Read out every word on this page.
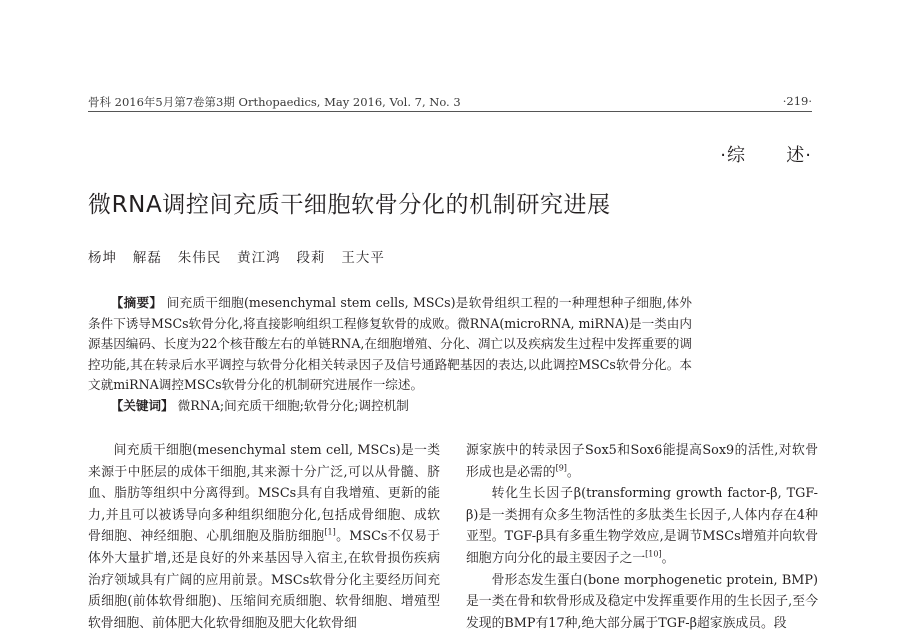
骨科 2016年5月第7卷第3期 Orthopaedics, May 2016, Vol. 7, No. 3	·219·
·综      述·
微RNA调控间充质干细胞软骨分化的机制研究进展
杨坤   解磊   朱伟民   黄江鸿   段莉   王大平

【摘要】 间充质干细胞(mesenchymal stem cells, MSCs)是软骨组织工程的一种理想种子细胞,体外条件下诱导MSCs软骨分化,将直接影响组织工程修复软骨的成败。微RNA(microRNA, miRNA)是一类由内源基因编码、长度为22个核苷酸左右的单链RNA,在细胞增殖、分化、凋亡以及疾病发生过程中发挥重要的调控功能,其在转录后水平调控与软骨分化相关转录因子及信号通路靶基因的表达,以此调控MSCs软骨分化。本文就miRNA调控MSCs软骨分化的机制研究进展作一综述。

【关键词】 微RNA;间充质干细胞;软骨分化;调控机制

间充质干细胞(mesenchymal stem cell, MSCs)是一类来源于中胚层的成体干细胞,其来源十分广泛,可以从骨髓、脐血、脂肪等组织中分离得到。MSCs具有自我增殖、更新的能力,并且可以被诱导向多种组织细胞分化,包括成骨细胞、成软骨细胞、神经细胞、心肌细胞及脂肪细胞[1]。MSCs不仅易于体外大量扩增,还是良好的外来基因导入宿主,在软骨损伤疾病治疗领域具有广阔的应用前景。MSCs软骨分化主要经历间充质细胞(前体软骨细胞)、压缩间充质细胞、软骨细胞、增殖型软骨细胞、前体肥大化软骨细胞及肥大化软骨细

源家族中的转录因子Sox5和Sox6能提高Sox9的活性,对软骨形成也是必需的[9]。

转化生长因子β(transforming growth factor-β, TGF-β)是一类拥有众多生物活性的多肽类生长因子,人体内存在4种亚型。TGF-β具有多重生物学效应,是调节MSCs增殖并向软骨细胞方向分化的最主要因子之一[10]。

骨形态发生蛋白(bone morphogenetic protein, BMP)是一类在骨和软骨形成及稳定中发挥重要作用的生长因子,至今发现的BMP有17种,绝大部分属于TGF-β超家族成员。段
